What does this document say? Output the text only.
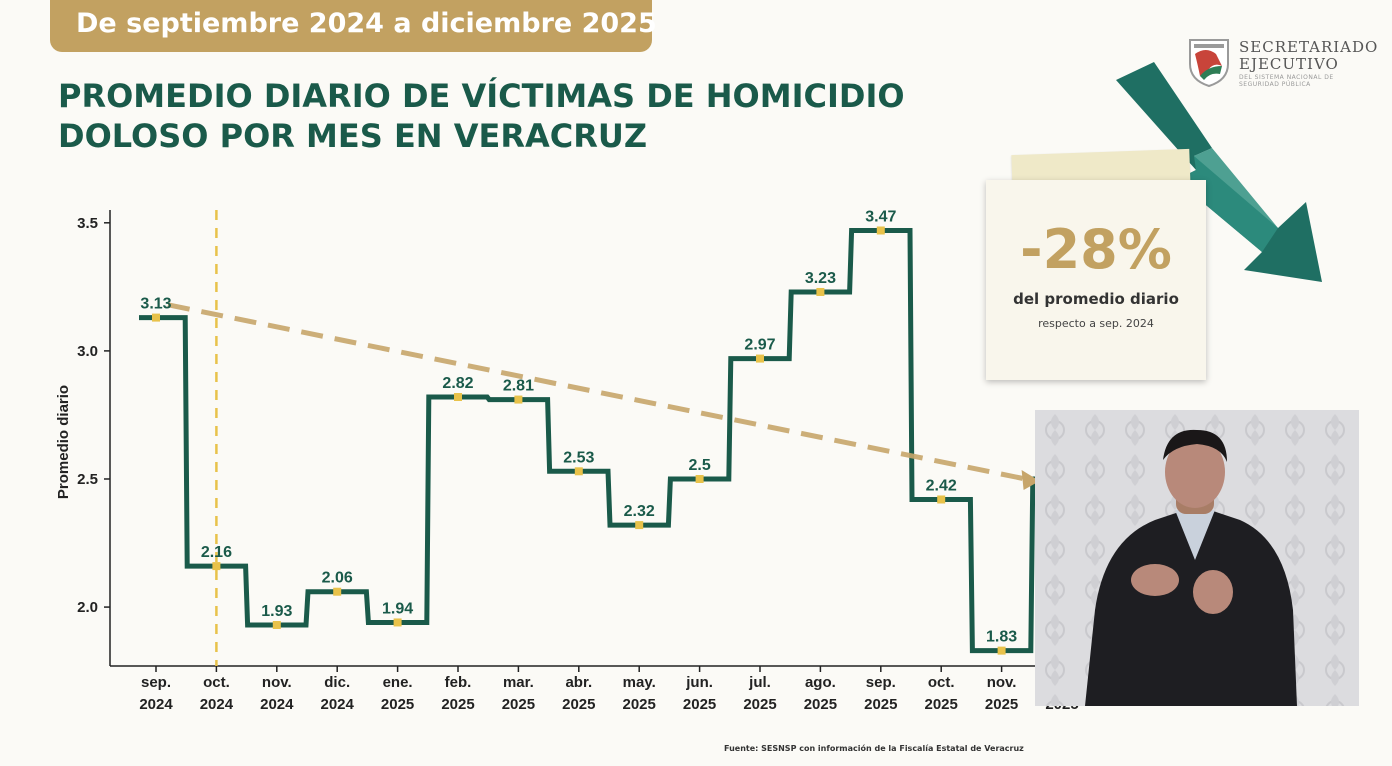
De septiembre 2024 a diciembre 2025
PROMEDIO DIARIO DE VÍCTIMAS DE HOMICIDIO
DOLOSO POR MES EN VERACRUZ
SECRETARIADO
EJECUTIVO
DEL SISTEMA NACIONAL DE SEGURIDAD PÚBLICA
-28%
del promedio diario
respecto a sep. 2024
2.0
2.5
3.0
3.5
Promedio diario
sep.
2024
oct.
2024
nov.
2024
dic.
2024
ene.
2025
feb.
2025
mar.
2025
abr.
2025
may.
2025
jun.
2025
jul.
2025
ago.
2025
sep.
2025
oct.
2025
nov.
2025
3.13
2.16
1.93
2.06
1.94
2.82 2.81
2.53
2.32
2.5
2.97
3.23
3.47
2.42
1.83
Fuente: SESNSP con información de la Fiscalía Estatal de Veracruz
